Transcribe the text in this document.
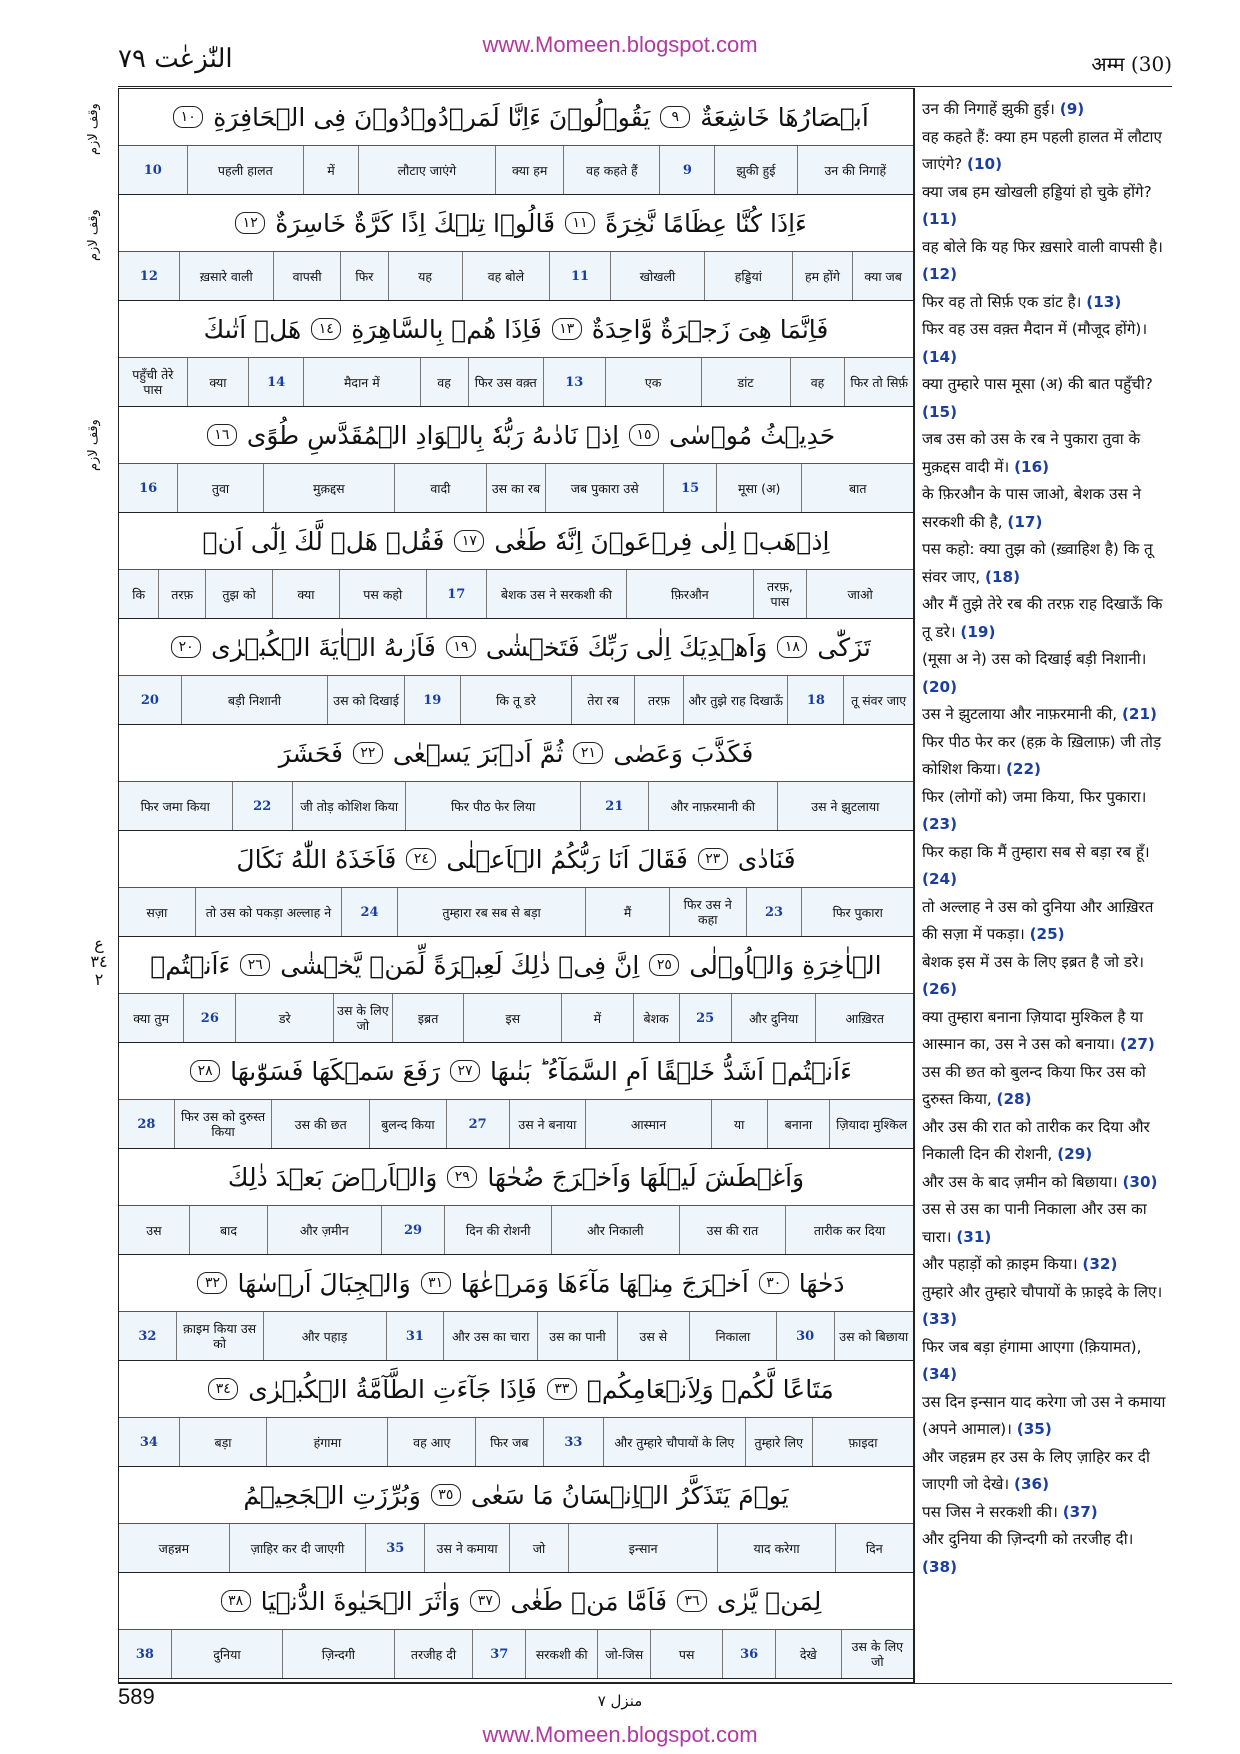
www.Momeen.blogspot.com
النّٰزعٰت ۷۹	अम्म (30)
وقف لازم
وقف لازم
وقف لازم
ع ٣٤ ٢
اَبۡصَارُهَا خَاشِعَةٌ
٩
يَقُوۡلُوۡنَ ءَاِنَّا لَمَرۡدُوۡدُوۡنَ فِى الۡحَافِرَةِ
١٠
उन की निगाहें
झुकी हुई
9
वह कहते हैं
क्या हम
लौटाए जाएंगे
में
पहली हालत
10
ءَاِذَا كُنَّا عِظَامًا نَّخِرَةً
١١
قَالُوۡا تِلۡكَ اِذًا كَرَّةٌ خَاسِرَةٌ
١٢
क्या जब
हम होंगे
हड्डियां
खोखली
11
वह बोले
यह
फिर
वापसी
ख़सारे वाली
12
فَاِنَّمَا هِىَ زَجۡرَةٌ وَّاحِدَةٌ
١٣
فَاِذَا هُمۡ بِالسَّاهِرَةِ
١٤
هَلۡ اَتٰىكَ
फिर तो सिर्फ़
वह
डांट
एक
13
फिर उस वक़्त
वह
मैदान में
14
क्या
पहुँची तेरे पास
حَدِيۡثُ مُوۡسٰى
١٥
اِذۡ نَادٰىهُ رَبُّهٗ بِالۡوَادِ الۡمُقَدَّسِ طُوًى
١٦
बात
मूसा (अ)
15
जब पुकारा उसे
उस का रब
वादी
मुक़द्दस
तुवा
16
اِذۡهَبۡ اِلٰى فِرۡعَوۡنَ اِنَّهٗ طَغٰى
١٧
فَقُلۡ هَلۡ لَّكَ اِلٰٓى اَنۡ
जाओ
तरफ़, पास
फ़िरऔन
बेशक उस ने सरकशी की
17
पस कहो
क्या
तुझ को
तरफ़
कि
تَزَكّٰى
١٨
وَاَهۡدِيَكَ اِلٰى رَبِّكَ فَتَخۡشٰى
١٩
فَاَرٰىهُ الۡاٰيَةَ الۡكُبۡرٰى
٢٠
तू संवर जाए
18
और तुझे राह दिखाऊँ
तरफ़
तेरा रब
कि तू डरे
19
उस को दिखाई
बड़ी निशानी
20
فَكَذَّبَ وَعَصٰى
٢١
ثُمَّ اَدۡبَرَ يَسۡعٰى
٢٢
فَحَشَرَ
उस ने झुटलाया
और नाफ़रमानी की
21
फिर पीठ फेर लिया
जी तोड़ कोशिश किया
22
फिर जमा किया
فَنَادٰى
٢٣
فَقَالَ اَنَا رَبُّكُمُ الۡاَعۡلٰى
٢٤
فَاَخَذَهُ اللّٰهُ نَكَالَ
फिर पुकारा
23
फिर उस ने कहा
मैं
तुम्हारा रब सब से बड़ा
24
तो उस को पकड़ा अल्लाह ने
सज़ा
الۡاٰخِرَةِ وَالۡاُوۡلٰى
٢٥
اِنَّ فِىۡ ذٰلِكَ لَعِبۡرَةً لِّمَنۡ يَّخۡشٰى
٢٦
ءَاَنۡتُمۡ
आख़िरत
और दुनिया
25
बेशक
में
इस
इब्रत
उस के लिए जो
डरे
26
क्या तुम
ءَاَنۡتُمۡ اَشَدُّ خَلۡقًا اَمِ السَّمَآءُ ؕ بَنٰىهَا
٢٧
رَفَعَ سَمۡكَهَا فَسَوّٰىهَا
٢٨
ज़ियादा मुश्किल
बनाना
या
आस्मान
उस ने बनाया
27
बुलन्द किया
उस की छत
फिर उस को दुरुस्त किया
28
وَاَغۡطَشَ لَيۡلَهَا وَاَخۡرَجَ ضُحٰهَا
٢٩
وَالۡاَرۡضَ بَعۡدَ ذٰلِكَ
तारीक कर दिया
उस की रात
और निकाली
दिन की रोशनी
29
और ज़मीन
बाद
उस
دَحٰهَا
٣٠
اَخۡرَجَ مِنۡهَا مَآءَهَا وَمَرۡعٰهَا
٣١
وَالۡجِبَالَ اَرۡسٰهَا
٣٢
उस को बिछाया
30
निकाला
उस से
उस का पानी
और उस का चारा
31
और पहाड़
क़ाइम किया उस को
32
مَتَاعًا لَّكُمۡ وَلِاَنۡعَامِكُمۡ
٣٣
فَاِذَا جَآءَتِ الطَّآمَّةُ الۡكُبۡرٰى
٣٤
फ़ाइदा
तुम्हारे लिए
और तुम्हारे चौपायों के लिए
33
फिर जब
वह आए
हंगामा
बड़ा
34
يَوۡمَ يَتَذَكَّرُ الۡاِنۡسَانُ مَا سَعٰى
٣٥
وَبُرِّزَتِ الۡجَحِيۡمُ
दिन
याद करेगा
इन्सान
जो
उस ने कमाया
35
ज़ाहिर कर दी जाएगी
जहन्नम
لِمَنۡ يَّرٰى
٣٦
فَاَمَّا مَنۡ طَغٰى
٣٧
وَاٰثَرَ الۡحَيٰوةَ الدُّنۡيَا
٣٨
उस के लिए जो
देखे
36
पस
जो-जिस
सरकशी की
37
तरजीह दी
ज़िन्दगी
दुनिया
38
उन की निगाहें झुकी हुई। (9)
वह कहते हैं: क्या हम पहली हालत में लौटाए जाएंगे? (10)
क्या जब हम खोखली हड्डियां हो चुके होंगे? (11)
वह बोले कि यह फिर ख़सारे वाली वापसी है। (12)
फिर वह तो सिर्फ़ एक डांट है। (13)
फिर वह उस वक़्त मैदान में (मौजूद होंगे)। (14)
क्या तुम्हारे पास मूसा (अ) की बात पहुँची? (15)
जब उस को उस के रब ने पुकारा तुवा के मुक़द्दस वादी में। (16)
के फ़िरऔन के पास जाओ, बेशक उस ने सरकशी की है, (17)
पस कहो: क्या तुझ को (ख़्वाहिश है) कि तू संवर जाए, (18)
और मैं तुझे तेरे रब की तरफ़ राह दिखाऊँ कि तू डरे। (19)
(मूसा अ ने) उस को दिखाई बड़ी निशानी। (20)
उस ने झुटलाया और नाफ़रमानी की, (21)
फिर पीठ फेर कर (हक़ के ख़िलाफ़) जी तोड़ कोशिश किया। (22)
फिर (लोगों को) जमा किया, फिर पुकारा। (23)
फिर कहा कि मैं तुम्हारा सब से बड़ा रब हूँ। (24)
तो अल्लाह ने उस को दुनिया और आख़िरत की सज़ा में पकड़ा। (25)
बेशक इस में उस के लिए इब्रत है जो डरे। (26)
क्या तुम्हारा बनाना ज़ियादा मुश्किल है या आस्मान का, उस ने उस को बनाया। (27)
उस की छत को बुलन्द किया फिर उस को दुरुस्त किया, (28)
और उस की रात को तारीक कर दिया और निकाली दिन की रोशनी, (29)
और उस के बाद ज़मीन को बिछाया। (30)
उस से उस का पानी निकाला और उस का चारा। (31)
और पहाड़ों को क़ाइम किया। (32)
तुम्हारे और तुम्हारे चौपायों के फ़ाइदे के लिए। (33)
फिर जब बड़ा हंगामा आएगा (क़ियामत), (34)
उस दिन इन्सान याद करेगा जो उस ने कमाया (अपने आमाल)। (35)
और जहन्नम हर उस के लिए ज़ाहिर कर दी जाएगी जो देखे। (36)
पस जिस ने सरकशी की। (37)
और दुनिया की ज़िन्दगी को तरजीह दी। (38)

589	منزل ٧
www.Momeen.blogspot.com
